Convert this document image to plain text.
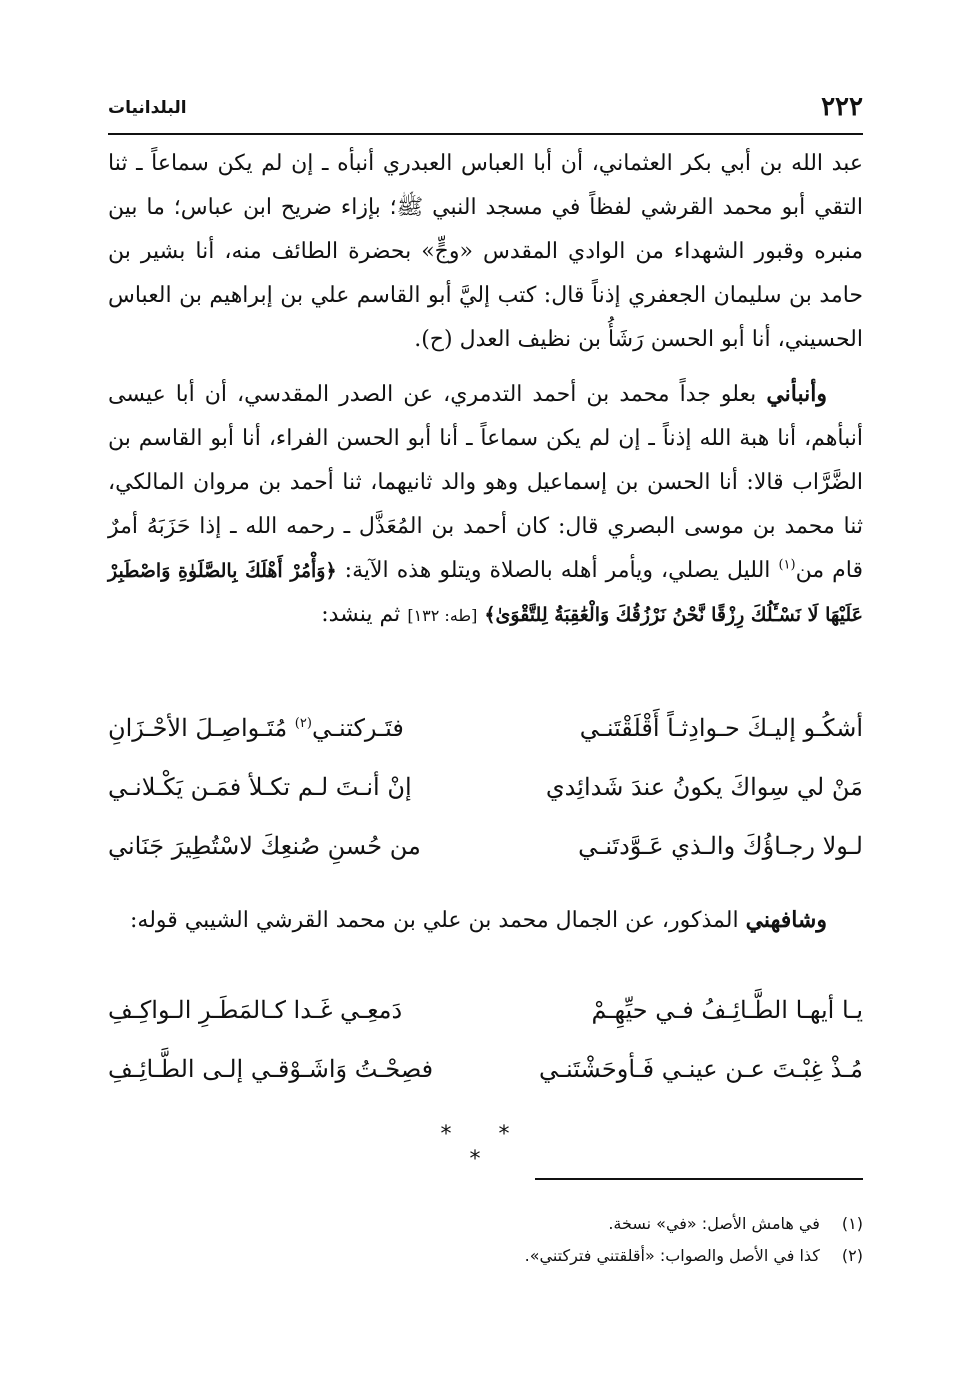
٢٢٢
البلدانيات

عبد الله بن أبي بكر العثماني، أن أبا العباس العبدري أنبأه ـ إن لم يكن سماعاً ـ ثنا التقي أبو محمد القرشي لفظاً في مسجد النبي ﷺ؛ بإزاء ضريح ابن عباس؛ ما بين منبره وقبور الشهداء من الوادي المقدس «وجٍّ» بحضرة الطائف منه، أنا بشير بن حامد بن سليمان الجعفري إذناً قال: كتب إليَّ أبو القاسم علي بن إبراهيم بن العباس الحسيني، أنا أبو الحسن رَشَأُ بن نظيف العدل (ح).

وأنبأني بعلو جداً محمد بن أحمد التدمري، عن الصدر المقدسي، أن أبا عيسى أنبأهم، أنا هبة الله إذناً ـ إن لم يكن سماعاً ـ أنا أبو الحسن الفراء، أنا أبو القاسم بن الضَّرَّاب قالا: أنا الحسن بن إسماعيل وهو والد ثانيهما، ثنا أحمد بن مروان المالكي، ثنا محمد بن موسى البصري قال: كان أحمد بن المُعَذَّل ـ رحمه الله ـ إذا حَزَبَهُ أمرٌ قام من$^{(١)}$ الليل يصلي، ويأمر أهله بالصلاة ويتلو هذه الآية: ﴿وَأْمُرْ أَهْلَكَ بِالصَّلَوٰةِ وَاصْطَبِرْ عَلَيْهَا لَا نَسْـَٔلُكَ رِزْقًا نَّحْنُ نَرْزُقُكَ وَالْعَٰقِبَةُ لِلتَّقْوَىٰ﴾ [طه: ١٣٢] ثم ينشد:

أشكُـو إليـكَ حـوادِثـاً أَقْلَقْتَنـي
فتَـركتنـي$^{(٢)}$ مُتَـواصِـلَ الأحْـزَانِ
مَنْ لي سِواكَ يكونُ عندَ شَدائِدي
إنْ أنـتَ لـم تكـلأ فمَـن يَكْـلانـي
لـولا رجـاؤُكَ والـذي عَـوَّدتَنـي
من حُسنِ صُنعِكَ لاسْتُطِيرَ جَنَاني

وشافهني المذكور، عن الجمال محمد بن علي بن محمد القرشي الشيبي قوله:

يـا أيهـا الطَّـائِـفُ فـي حيِّهِـمْ
دَمعِـي غَـدا كـالمَطَـرِ الـواكِـفِ
مُـذْ غِبْـتَ عـن عينـي فَـأوحَشْتَنـي
فصِحْـتُ وَاشَـوْقـي إلـى الطَّـائِـفِ
* * *
(١) في هامش الأصل: «في» نسخة.
(٢) كذا في الأصل والصواب: «أقلقتني فتركتني».
